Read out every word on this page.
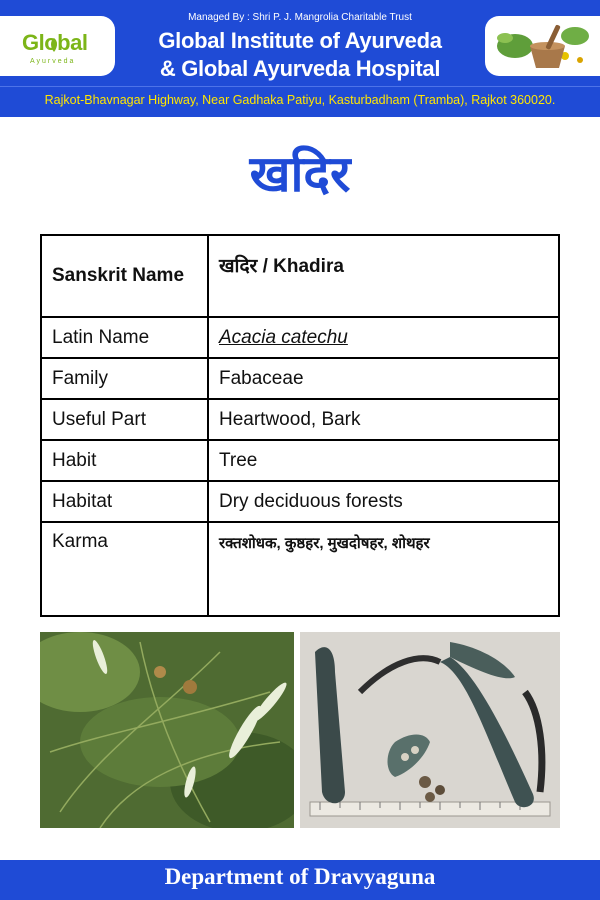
Global
Ayurveda
Managed By : Shri P. J. Mangrolia Charitable Trust
Global Institute of Ayurveda
& Global Ayurveda Hospital
Rajkot-Bhavnagar Highway, Near Gadhaka Patiyu, Kasturbadham (Tramba), Rajkot 360020.
खदिर
Sanskrit Name	खदिर / Khadira
Latin Name	Acacia catechu
Family	Fabaceae
Useful Part	Heartwood, Bark
Habit	Tree
Habitat	Dry deciduous forests
Karma	रक्तशोधक, कुष्ठहर, मुखदोषहर, शोथहर
Department of Dravyaguna
